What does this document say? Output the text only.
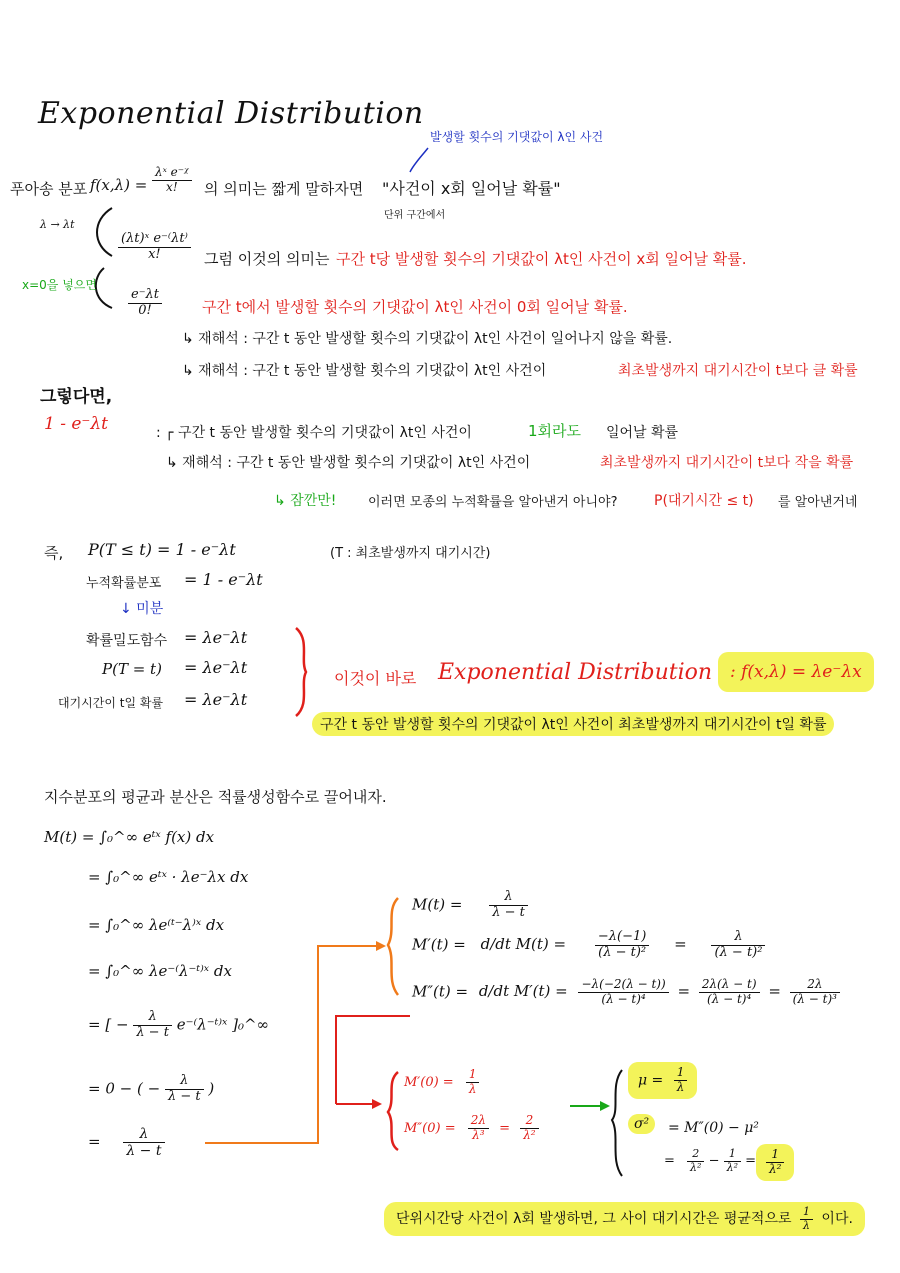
Exponential Distribution
푸아송 분포 $f(x,\lambda) = \frac{\text{λˣ e⁻ᵡ}}{x!}$ 의 의미는 짧게 말하자면 "사건이 x회 일어날 확률"
발생할 횟수의 기댓값이 λ인 사건
단위 구간에서
λ → λt
$\frac{\text{(λt)ˣ e⁻⁽λt⁾}}{x!}$ 그럼 이것의 의미는 구간 t당 발생할 횟수의 기댓값이 λt인 사건이 x회 일어날 확률.
x=0을 넣으면
$\frac{e^-\lambda t}{0!}$	구간 t에서 발생할 횟수의 기댓값이 λt인 사건이 0회 일어날 확률.
↳ 재해석 : 구간 t 동안 발생할 횟수의 기댓값이 λt인 사건이 일어나지 않을 확률.
↳ 재해석 : 구간 t 동안 발생할 횟수의 기댓값이 λt인 사건이	최초발생까지 대기시간이 t보다 클 확률
그렇다면,
1 - e⁻λt	: ┌ 구간 t 동안 발생할 횟수의 기댓값이 λt인 사건이	1회라도 일어날 확률
↳ 재해석 : 구간 t 동안 발생할 횟수의 기댓값이 λt인 사건이	최초발생까지 대기시간이 t보다 작을 확률
↳ 잠깐만! 이러면 모종의 누적확률을 알아낸거 아니야?	P(대기시간 ≤ t) 를 알아낸거네
즉, P(T ≤ t) = 1 - e⁻λt	(T : 최초발생까지 대기시간)
누적확률분포 = 1 - e⁻λt
↓ 미분
확률밀도함수 = λe⁻λt
P(T = t) = λe⁻λt
대기시간이 t일 확률 = λe⁻λt
이것이 바로 Exponential Distribution	: f(x,λ) = λe⁻λx
구간 t 동안 발생할 횟수의 기댓값이 λt인 사건이 최초발생까지 대기시간이 t일 확률
지수분포의 평균과 분산은 적률생성함수로 끌어내자.
M(t) = ∫₀^∞ eᵗˣ f(x) dx
= ∫₀^∞ eᵗˣ · λe⁻λx dx
= ∫₀^∞ λe⁽ᵗ⁻λ⁾ˣ dx
= ∫₀^∞ λe⁻⁽λ⁻ᵗ⁾ˣ dx
= [ − $\frac{\lambda}{\lambda - t}$ e⁻⁽λ⁻ᵗ⁾ˣ ]₀^∞
= 0 − ( − $\frac{\lambda}{\lambda - t}$ )
= $\frac{\lambda}{\lambda - t}$
$M(t) = \frac{\lambda}{\lambda - t}$
M′(t) = d/dt $M(t) = \frac{-\lambda(-1)}{\text{(λ − t)²}} = \frac{\lambda}{\text{(λ − t)²}}$
M″(t) = d/dt $M'(t) = \frac{-\lambda(-2(\lambda - t))}{\text{(λ − t)⁴}} = \frac{2\lambda(\lambda - t)}{\text{(λ − t)⁴}} = \frac{2\lambda}{\text{(λ − t)³}}$
$M'(0) = \frac{1}{\lambda}$
$M''(0) = \frac{2\lambda}{\text{λ³}} = \frac{2}{\text{λ²}}$
$\mu = \frac{1}{\lambda}$
σ²	= M″(0) − μ²
= $\frac{2}{\text{λ²}} - \frac{1}{\text{λ²}} = \frac{1}{\text{λ²}}$
단위시간당 사건이 λ회 발생하면, 그 사이 대기시간은 평균적으로 $\frac{1}{\lambda}$ 이다.
